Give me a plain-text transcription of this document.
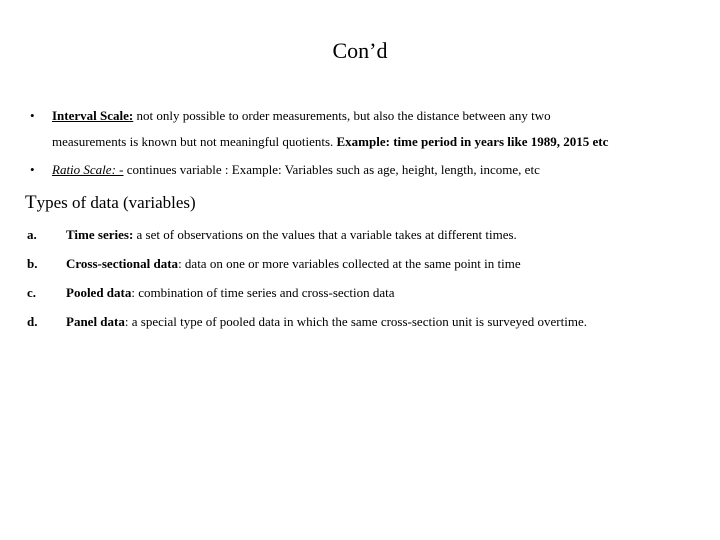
Con’d
• Interval Scale: not only possible to order measurements, but also the distance between any two
measurements is known but not meaningful quotients. Example: time period in years like 1989, 2015 etc
• Ratio Scale: - continues variable : Example: Variables such as age, height, length, income, etc
Types of data (variables)
a. Time series: a set of observations on the values that a variable takes at different times.
b. Cross-sectional data: data on one or more variables collected at the same point in time
c. Pooled data: combination of time series and cross-section data
d. Panel data: a special type of pooled data in which the same cross-section unit is surveyed overtime.
